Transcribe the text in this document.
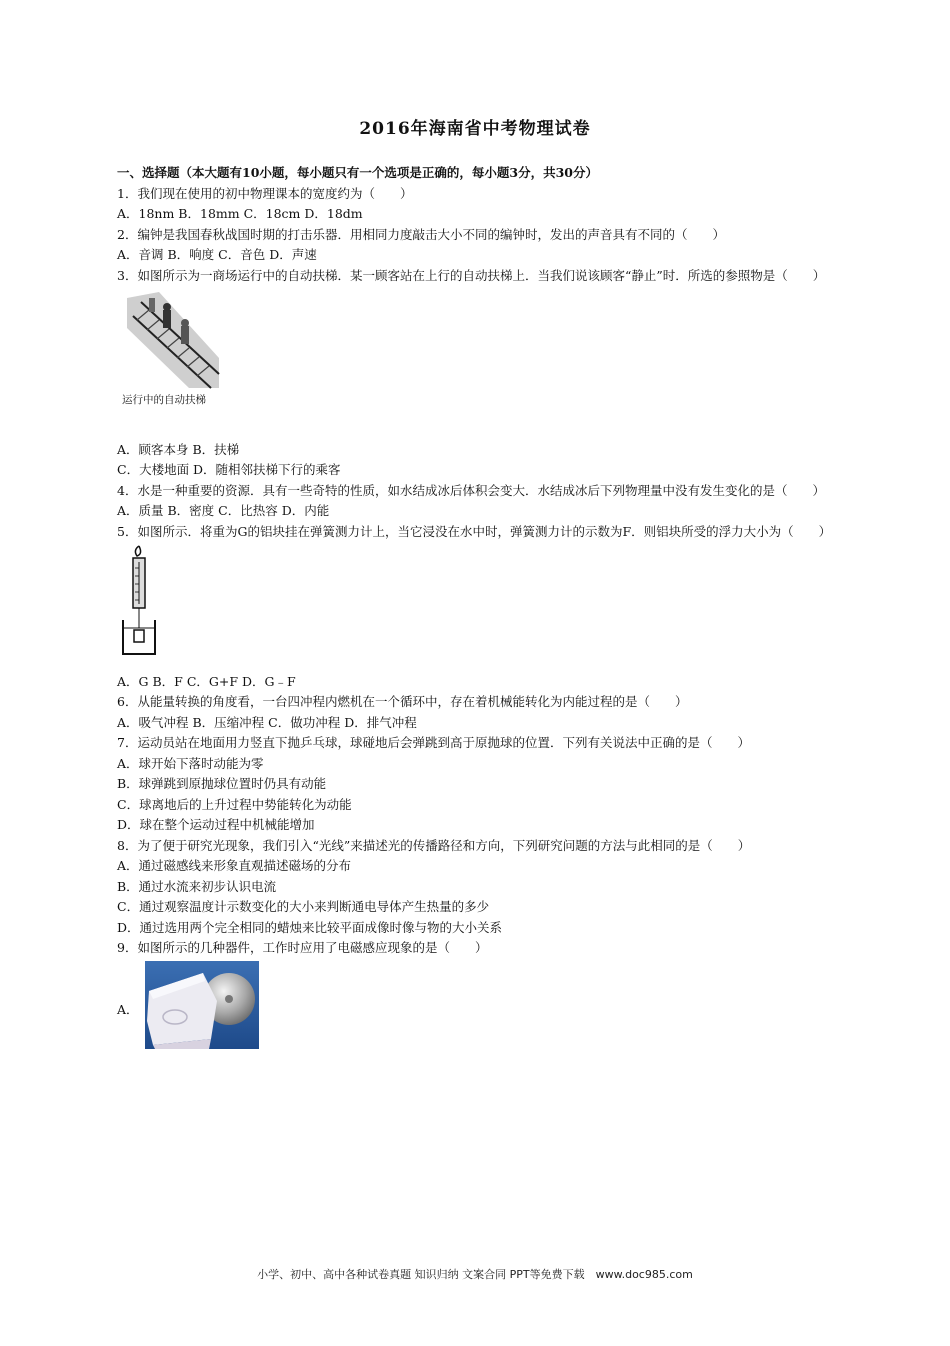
2016年海南省中考物理试卷

一、选择题（本大题有10小题，每小题只有一个选项是正确的，每小题3分，共30分）

1．我们现在使用的初中物理课本的宽度约为（　　）

A．18nm B．18mm C．18cm D．18dm

2．编钟是我国春秋战国时期的打击乐器．用相同力度敲击大小不同的编钟时，发出的声音具有不同的（　　）

A．音调 B．响度 C．音色 D．声速

3．如图所示为一商场运行中的自动扶梯．某一顾客站在上行的自动扶梯上．当我们说该顾客“静止”时．所选的参照物是（　　）

运行中的自动扶梯

A．顾客本身 B．扶梯

C．大楼地面 D．随相邻扶梯下行的乘客

4．水是一种重要的资源．具有一些奇特的性质，如水结成冰后体积会变大．水结成冰后下列物理量中没有发生变化的是（　　）

A．质量 B．密度 C．比热容 D．内能

5．如图所示．将重为G的铝块挂在弹簧测力计上，当它浸没在水中时，弹簧测力计的示数为F．则铝块所受的浮力大小为（　　）

A．G B．F C．G+F D．G﹣F

6．从能量转换的角度看，一台四冲程内燃机在一个循环中，存在着机械能转化为内能过程的是（　　）

A．吸气冲程 B．压缩冲程 C．做功冲程 D．排气冲程

7．运动员站在地面用力竖直下抛乒乓球，球碰地后会弹跳到高于原抛球的位置．下列有关说法中正确的是（　　）

A．球开始下落时动能为零

B．球弹跳到原抛球位置时仍具有动能

C．球离地后的上升过程中势能转化为动能

D．球在整个运动过程中机械能增加

8．为了便于研究光现象，我们引入“光线”来描述光的传播路径和方向，下列研究问题的方法与此相同的是（　　）

A．通过磁感线来形象直观描述磁场的分布

B．通过水流来初步认识电流

C．通过观察温度计示数变化的大小来判断通电导体产生热量的多少

D．通过选用两个完全相同的蜡烛来比较平面成像时像与物的大小关系

9．如图所示的几种器件，工作时应用了电磁感应现象的是（　　）

A．
小学、初中、高中各种试卷真题 知识归纳 文案合同 PPT等免费下载　www.doc985.com
